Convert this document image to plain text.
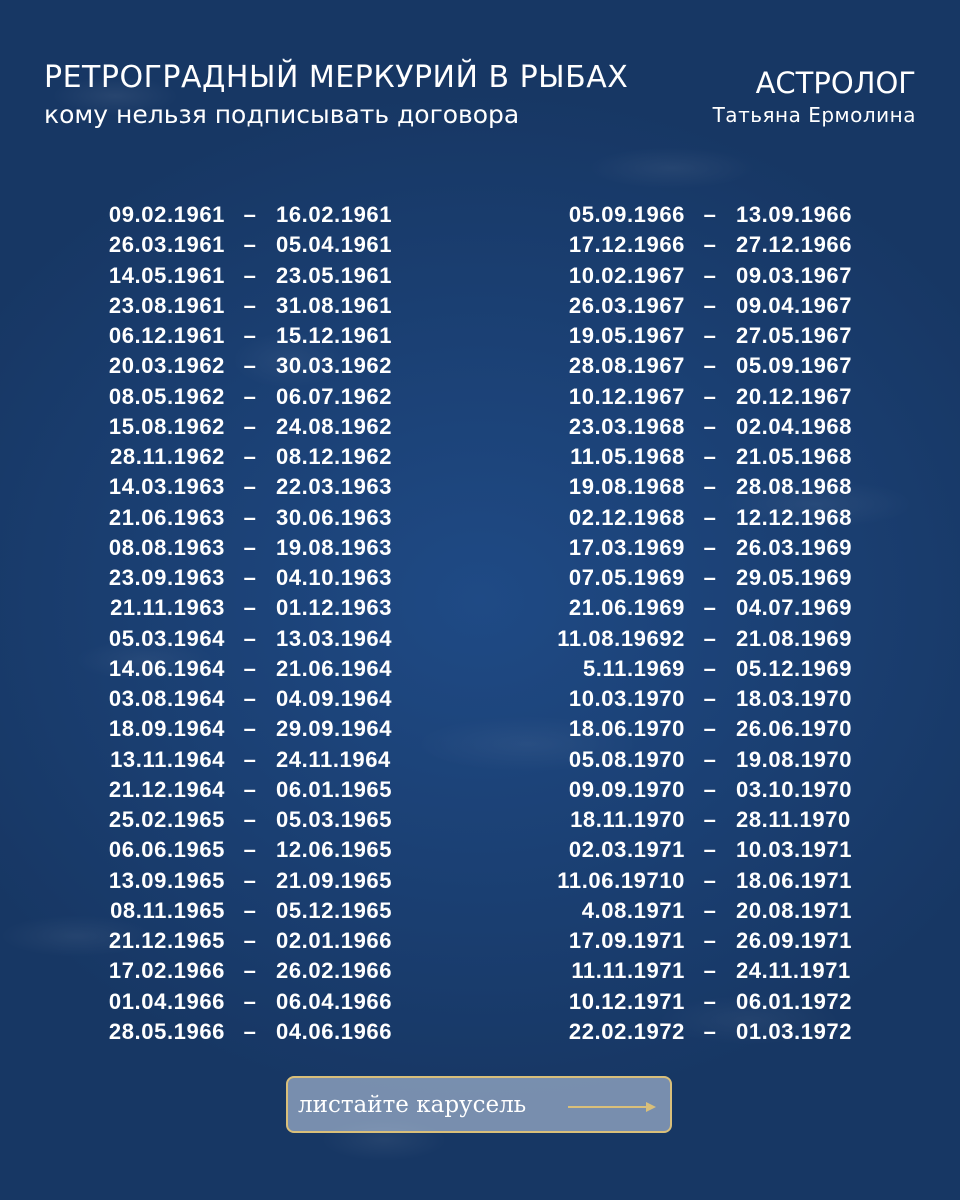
РЕТРОГРАДНЫЙ МЕРКУРИЙ В РЫБАХ
кому нельзя подписывать договора
АСТРОЛОГ
Татьяна Ермолина
09.02.1961 – 16.02.1961
26.03.1961 – 05.04.1961
14.05.1961 – 23.05.1961
23.08.1961 – 31.08.1961
06.12.1961 – 15.12.1961
20.03.1962 – 30.03.1962
08.05.1962 – 06.07.1962
15.08.1962 – 24.08.1962
28.11.1962 – 08.12.1962
14.03.1963 – 22.03.1963
21.06.1963 – 30.06.1963
08.08.1963 – 19.08.1963
23.09.1963 – 04.10.1963
21.11.1963 – 01.12.1963
05.03.1964 – 13.03.1964
14.06.1964 – 21.06.1964
03.08.1964 – 04.09.1964
18.09.1964 – 29.09.1964
13.11.1964 – 24.11.1964
21.12.1964 – 06.01.1965
25.02.1965 – 05.03.1965
06.06.1965 – 12.06.1965
13.09.1965 – 21.09.1965
08.11.1965 – 05.12.1965
21.12.1965 – 02.01.1966
17.02.1966 – 26.02.1966
01.04.1966 – 06.04.1966
28.05.1966 – 04.06.1966
05.09.1966 – 13.09.1966
17.12.1966 – 27.12.1966
10.02.1967 – 09.03.1967
26.03.1967 – 09.04.1967
19.05.1967 – 27.05.1967
28.08.1967 – 05.09.1967
10.12.1967 – 20.12.1967
23.03.1968 – 02.04.1968
11.05.1968 – 21.05.1968
19.08.1968 – 28.08.1968
02.12.1968 – 12.12.1968
17.03.1969 – 26.03.1969
07.05.1969 – 29.05.1969
21.06.1969 – 04.07.1969
11.08.19692 – 21.08.1969
5.11.1969 – 05.12.1969
10.03.1970 – 18.03.1970
18.06.1970 – 26.06.1970
05.08.1970 – 19.08.1970
09.09.1970 – 03.10.1970
18.11.1970 – 28.11.1970
02.03.1971 – 10.03.1971
11.06.19710 – 18.06.1971
4.08.1971 – 20.08.1971
17.09.1971 – 26.09.1971
11.11.1971 – 24.11.1971
10.12.1971 – 06.01.1972
22.02.1972 – 01.03.1972
листайте карусель
